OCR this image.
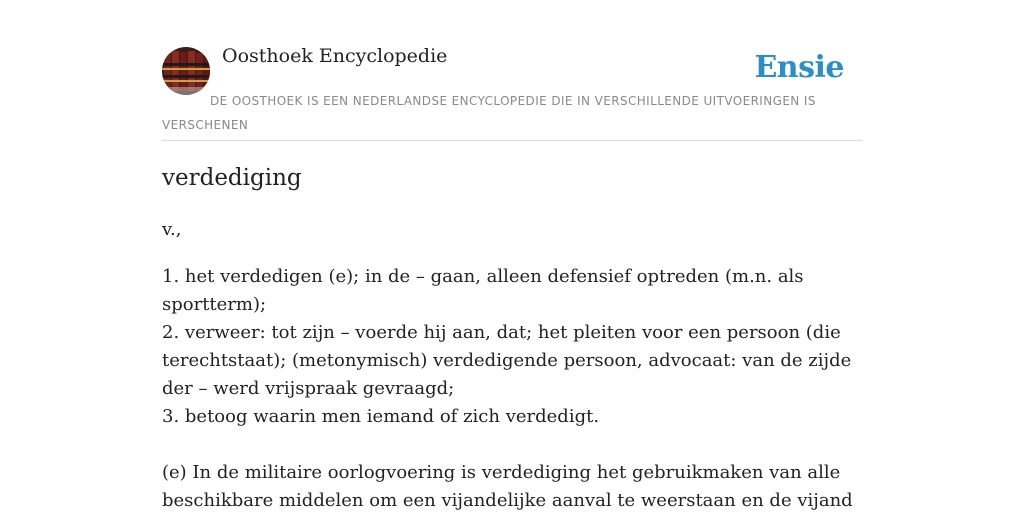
Oosthoek Encyclopedie	Ensie
DE OOSTHOEK IS EEN NEDERLANDSE ENCYCLOPEDIE DIE IN VERSCHILLENDE UITVOERINGEN IS VERSCHENEN
verdediging
v.,

1. het verdedigen (e); in de – gaan, alleen defensief optreden (m.n. als sportterm);

2. verweer: tot zijn – voerde hij aan, dat; het pleiten voor een persoon (die terechtstaat); (metonymisch) verdedigende persoon, advocaat: van de zijde der – werd vrijspraak gevraagd;

3. betoog waarin men iemand of zich verdedigt.

(e) In de militaire oorlogvoering is verdediging het gebruikmaken van alle beschikbare middelen om een vijandelijke aanval te weerstaan en de vijand
